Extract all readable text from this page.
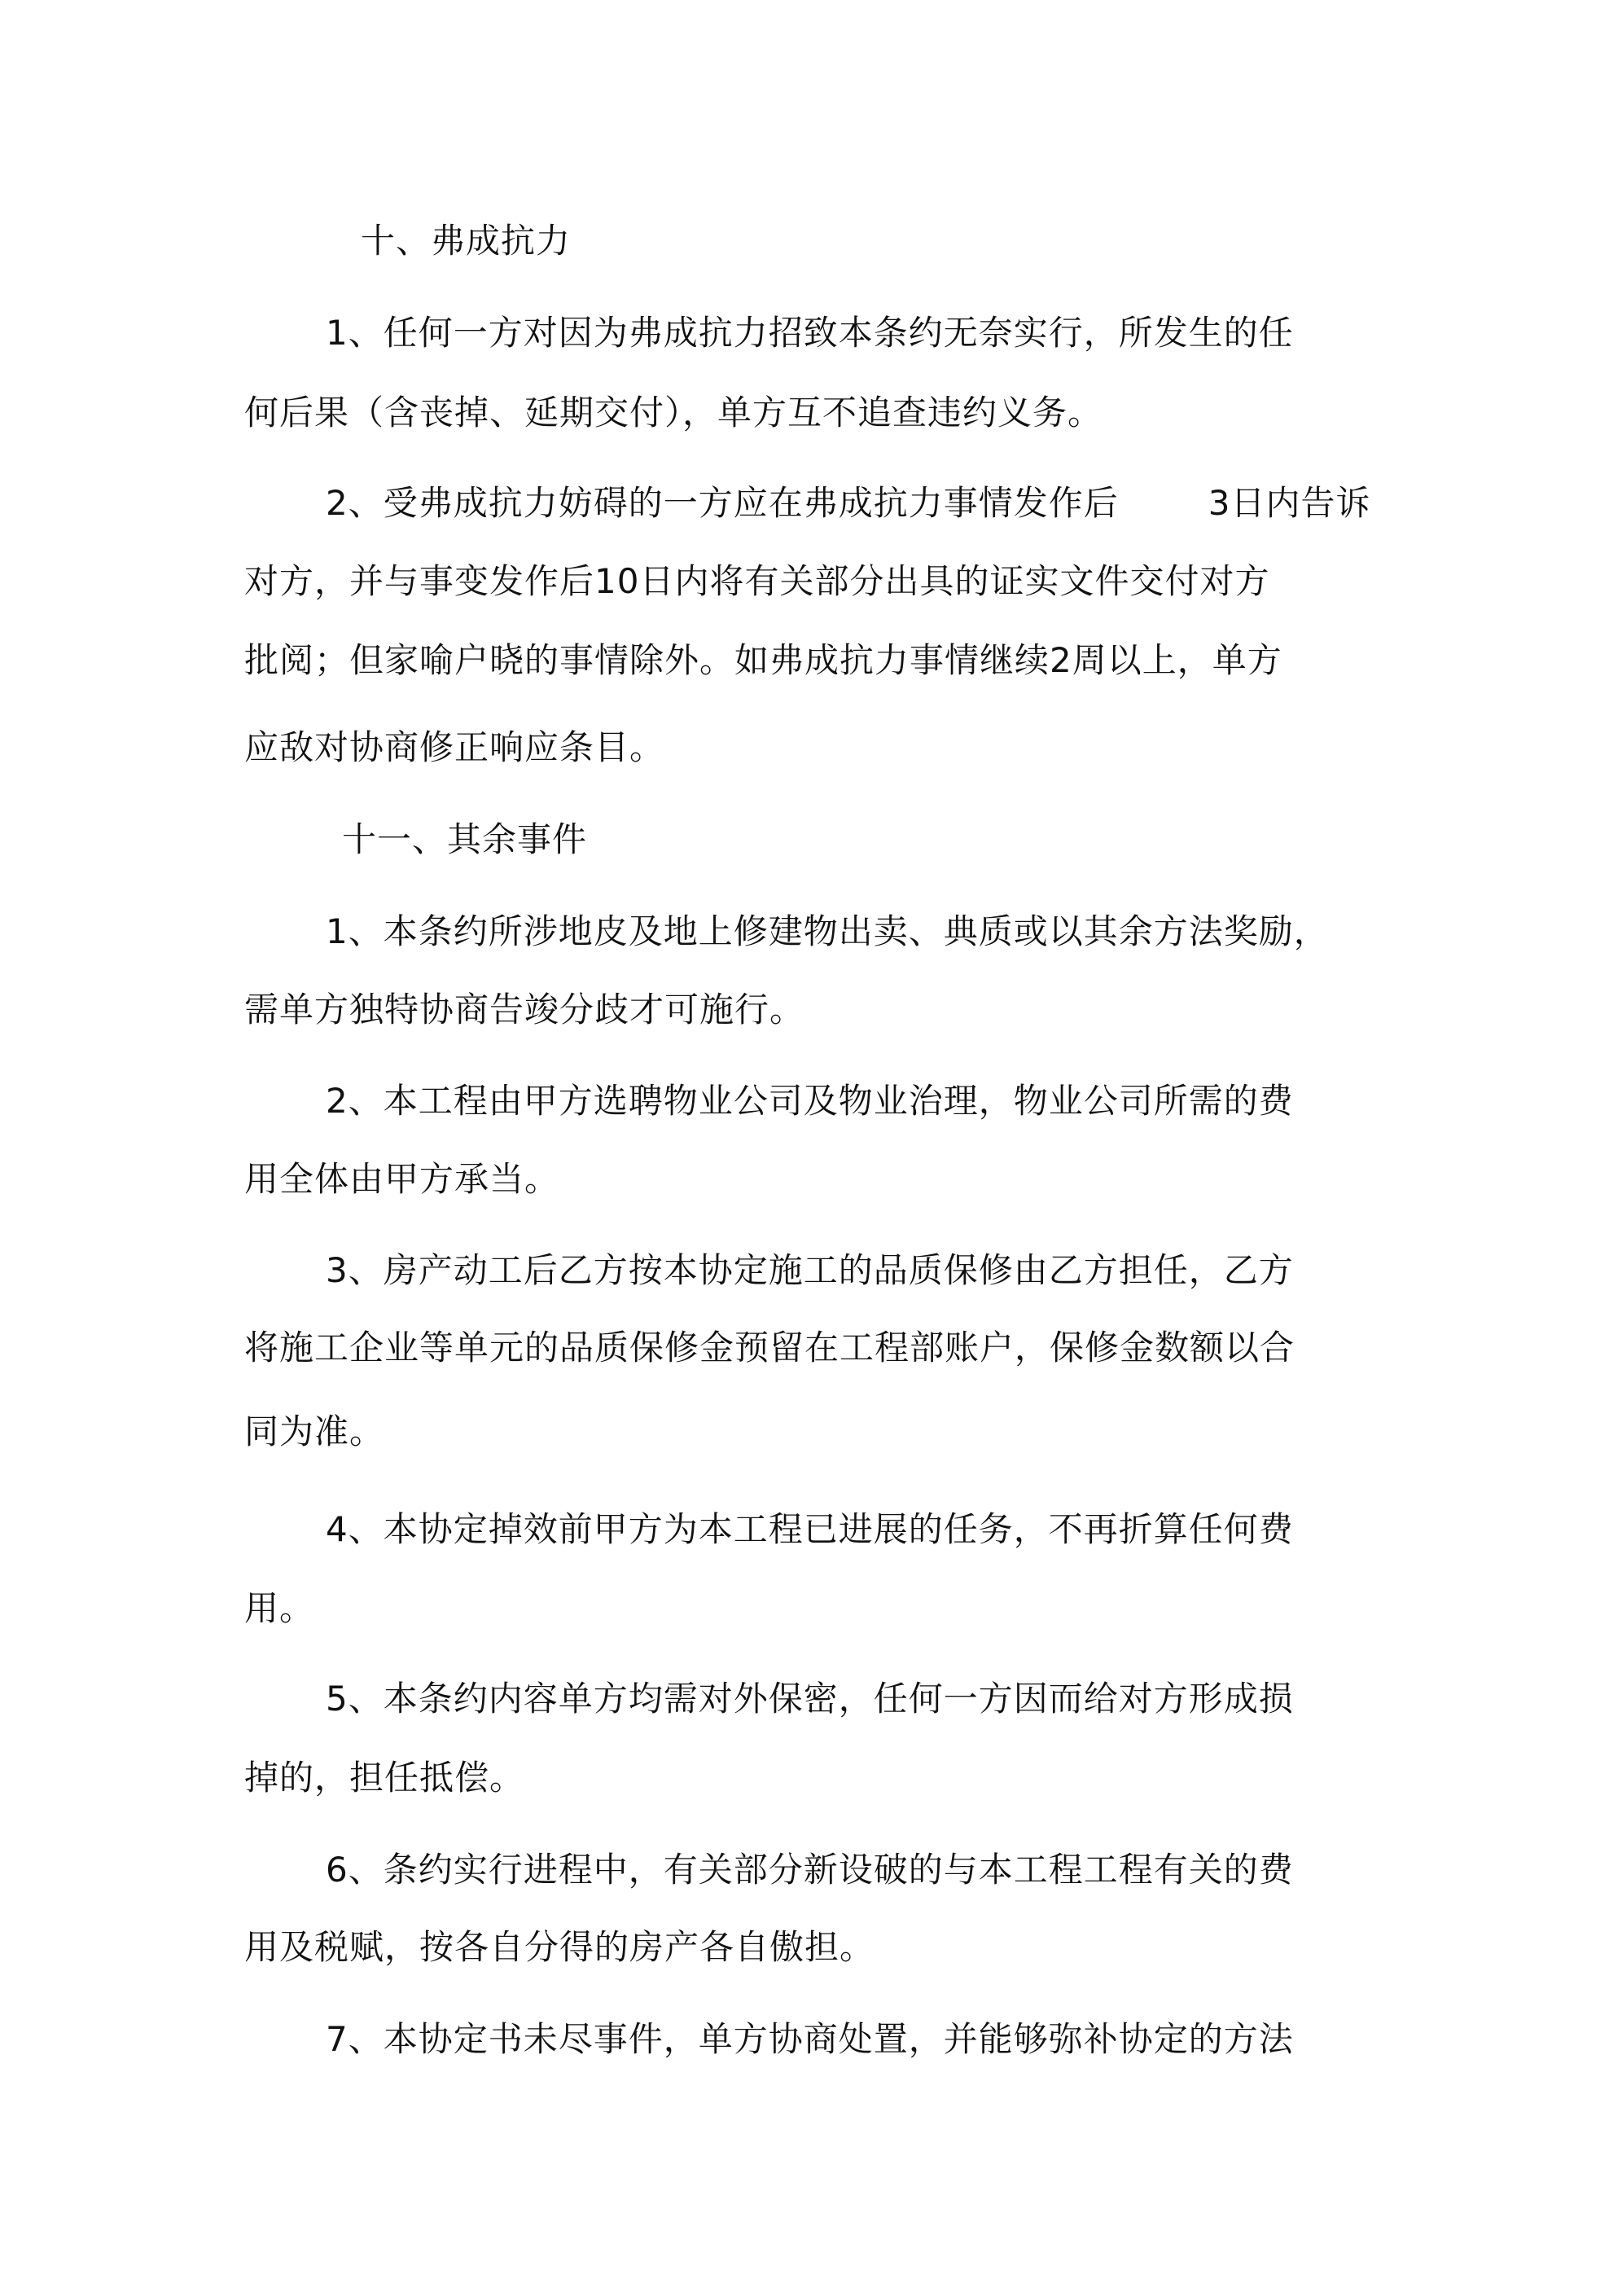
十、弗成抗力
1、任何一方对因为弗成抗力招致本条约无奈实行，所发生的任
何后果（含丧掉、延期交付），单方互不追查违约义务。
2、受弗成抗力妨碍的一方应在弗成抗力事情发作后	3日内告诉
对方，并与事变发作后10日内将有关部分出具的证实文件交付对方
批阅；但家喻户晓的事情除外。如弗成抗力事情继续2周以上，单方
应敌对协商修正响应条目。
十一、其余事件
1、本条约所涉地皮及地上修建物出卖、典质或以其余方法奖励，
需单方独特协商告竣分歧才可施行。
2、本工程由甲方选聘物业公司及物业治理，物业公司所需的费
用全体由甲方承当。
3、房产动工后乙方按本协定施工的品质保修由乙方担任，乙方
将施工企业等单元的品质保修金预留在工程部账户，保修金数额以合
同为准。
4、本协定掉效前甲方为本工程已进展的任务，不再折算任何费
用。
5、本条约内容单方均需对外保密，任何一方因而给对方形成损
掉的，担任抵偿。
6、条约实行进程中，有关部分新设破的与本工程工程有关的费
用及税赋，按各自分得的房产各自傲担。
7、本协定书未尽事件，单方协商处置，并能够弥补协定的方法
